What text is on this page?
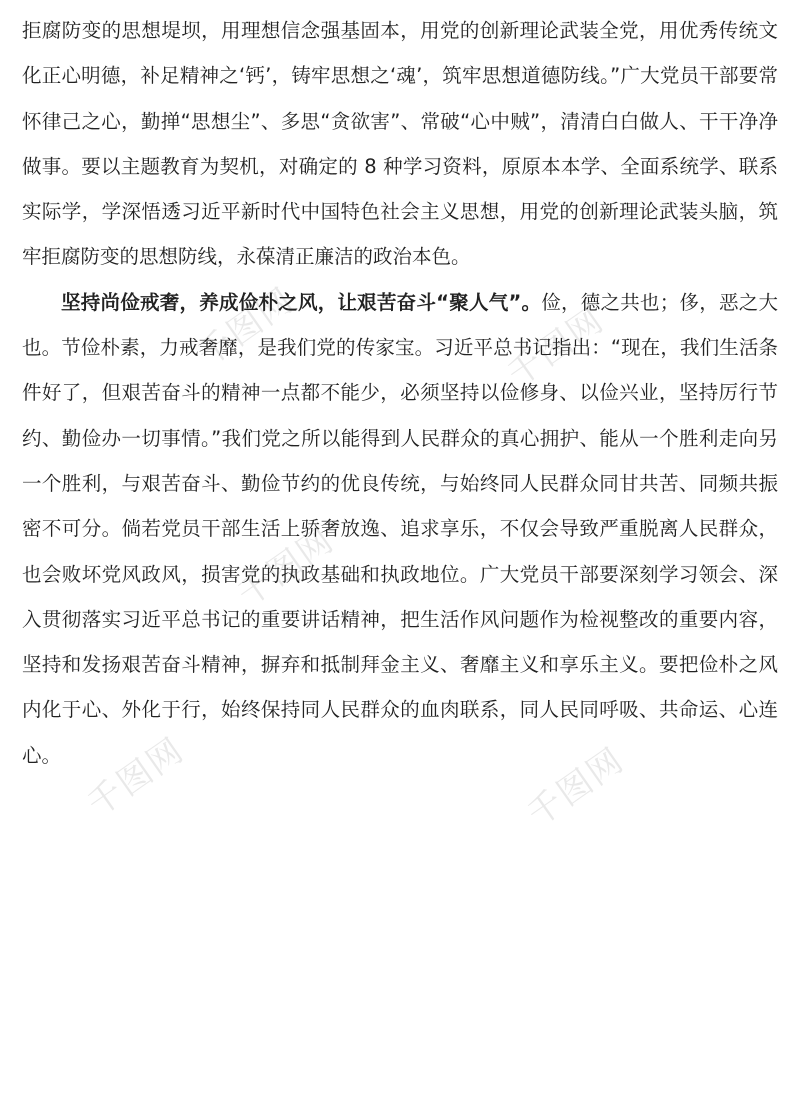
千图网	千图网
千图网
千图网
千图网

拒腐防变的思想堤坝，用理想信念强基固本，用党的创新理论武装全党，用优秀传统文化正心明德，补足精神之‘钙’，铸牢思想之‘魂’，筑牢思想道德防线。”广大党员干部要常怀律己之心，勤掸“思想尘”、多思“贪欲害”、常破“心中贼”，清清白白做人、干干净净做事。要以主题教育为契机，对确定的 8 种学习资料，原原本本学、全面系统学、联系实际学，学深悟透习近平新时代中国特色社会主义思想，用党的创新理论武装头脑，筑牢拒腐防变的思想防线，永葆清正廉洁的政治本色。

坚持尚俭戒奢，养成俭朴之风，让艰苦奋斗“聚人气”。俭，德之共也；侈，恶之大也。节俭朴素，力戒奢靡，是我们党的传家宝。习近平总书记指出：“现在，我们生活条件好了，但艰苦奋斗的精神一点都不能少，必须坚持以俭修身、以俭兴业，坚持厉行节约、勤俭办一切事情。”我们党之所以能得到人民群众的真心拥护、能从一个胜利走向另一个胜利，与艰苦奋斗、勤俭节约的优良传统，与始终同人民群众同甘共苦、同频共振密不可分。倘若党员干部生活上骄奢放逸、追求享乐，不仅会导致严重脱离人民群众，也会败坏党风政风，损害党的执政基础和执政地位。广大党员干部要深刻学习领会、深入贯彻落实习近平总书记的重要讲话精神，把生活作风问题作为检视整改的重要内容，坚持和发扬艰苦奋斗精神，摒弃和抵制拜金主义、奢靡主义和享乐主义。要把俭朴之风内化于心、外化于行，始终保持同人民群众的血肉联系，同人民同呼吸、共命运、心连心。
